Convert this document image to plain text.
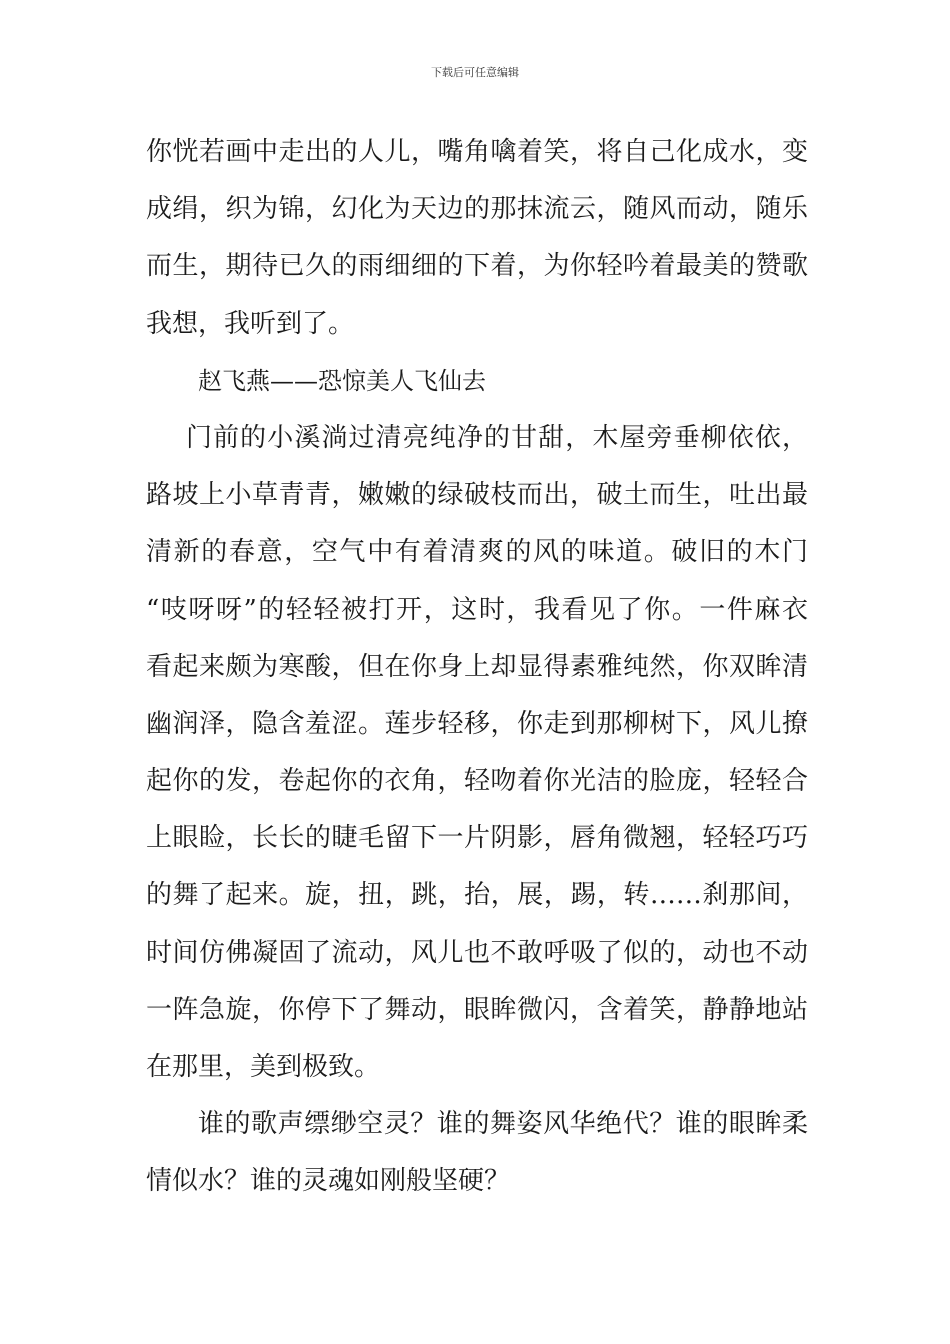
下载后可任意编辑
你恍若画中走出的人儿，嘴角噙着笑，将自己化成水，变
成绢，织为锦，幻化为天边的那抹流云，随风而动，随乐
而生，期待已久的雨细细的下着，为你轻吟着最美的赞歌
我想，我听到了。
赵飞燕——恐惊美人飞仙去
门前的小溪淌过清亮纯净的甘甜，木屋旁垂柳依依，
路坡上小草青青，嫩嫩的绿破枝而出，破土而生，吐出最
清新的春意，空气中有着清爽的风的味道。破旧的木门
“吱呀呀”的轻轻被打开，这时，我看见了你。一件麻衣
看起来颇为寒酸，但在你身上却显得素雅纯然，你双眸清
幽润泽，隐含羞涩。莲步轻移，你走到那柳树下，风儿撩
起你的发，卷起你的衣角，轻吻着你光洁的脸庞，轻轻合
上眼睑，长长的睫毛留下一片阴影，唇角微翘，轻轻巧巧
的舞了起来。旋，扭，跳，抬，展，踢，转……刹那间，
时间仿佛凝固了流动，风儿也不敢呼吸了似的，动也不动
一阵急旋，你停下了舞动，眼眸微闪，含着笑，静静地站
在那里，美到极致。
谁的歌声缥缈空灵？谁的舞姿风华绝代？谁的眼眸柔
情似水？谁的灵魂如刚般坚硬？
